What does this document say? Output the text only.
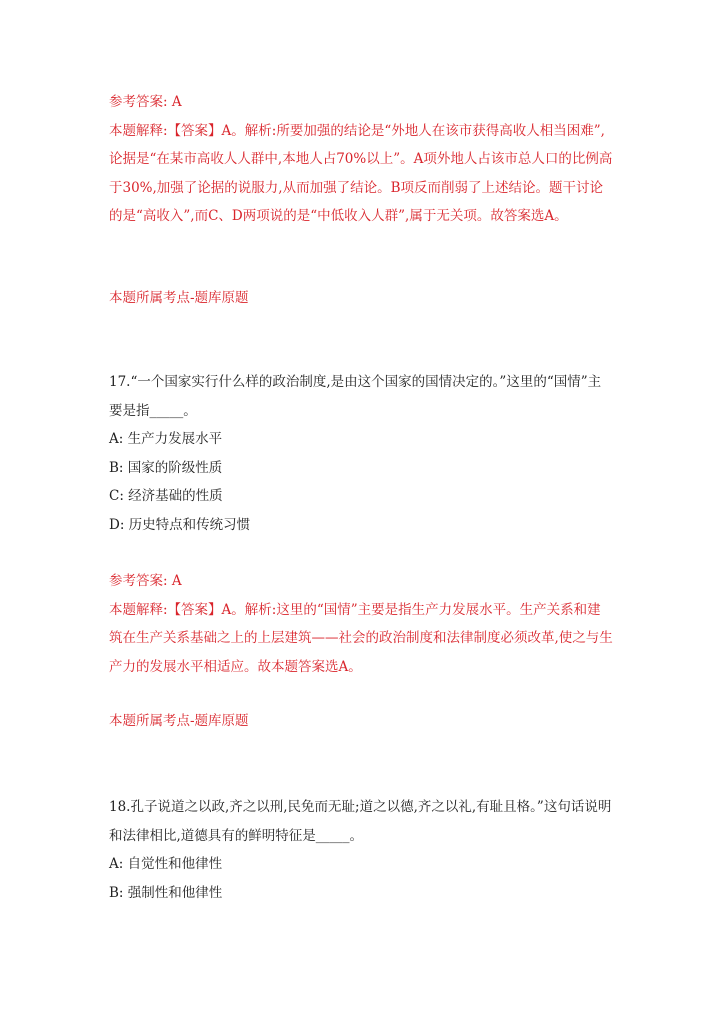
参考答案: A
本题解释:【答案】A。解析:所要加强的结论是“外地人在该市获得高收人相当困难”,论据是“在某市高收人人群中,本地人占70%以上”。A项外地人占该市总人口的比例高于30%,加强了论据的说服力,从而加强了结论。B项反而削弱了上述结论。题干讨论的是“高收入”,而C、D两项说的是“中低收入人群”,属于无关项。故答案选A。
本题所属考点-题库原题
17.“一个国家实行什么样的政治制度,是由这个国家的国情决定的。”这里的“国情”主要是指_____。
A: 生产力发展水平
B: 国家的阶级性质
C: 经济基础的性质
D: 历史特点和传统习惯
参考答案: A
本题解释:【答案】A。解析:这里的“国情”主要是指生产力发展水平。生产关系和建筑在生产关系基础之上的上层建筑——社会的政治制度和法律制度必须改革,使之与生产力的发展水平相适应。故本题答案选A。
本题所属考点-题库原题
18.孔子说道之以政,齐之以刑,民免而无耻;道之以德,齐之以礼,有耻且格。”这句话说明和法律相比,道德具有的鲜明特征是_____。
A: 自觉性和他律性
B: 强制性和他律性
